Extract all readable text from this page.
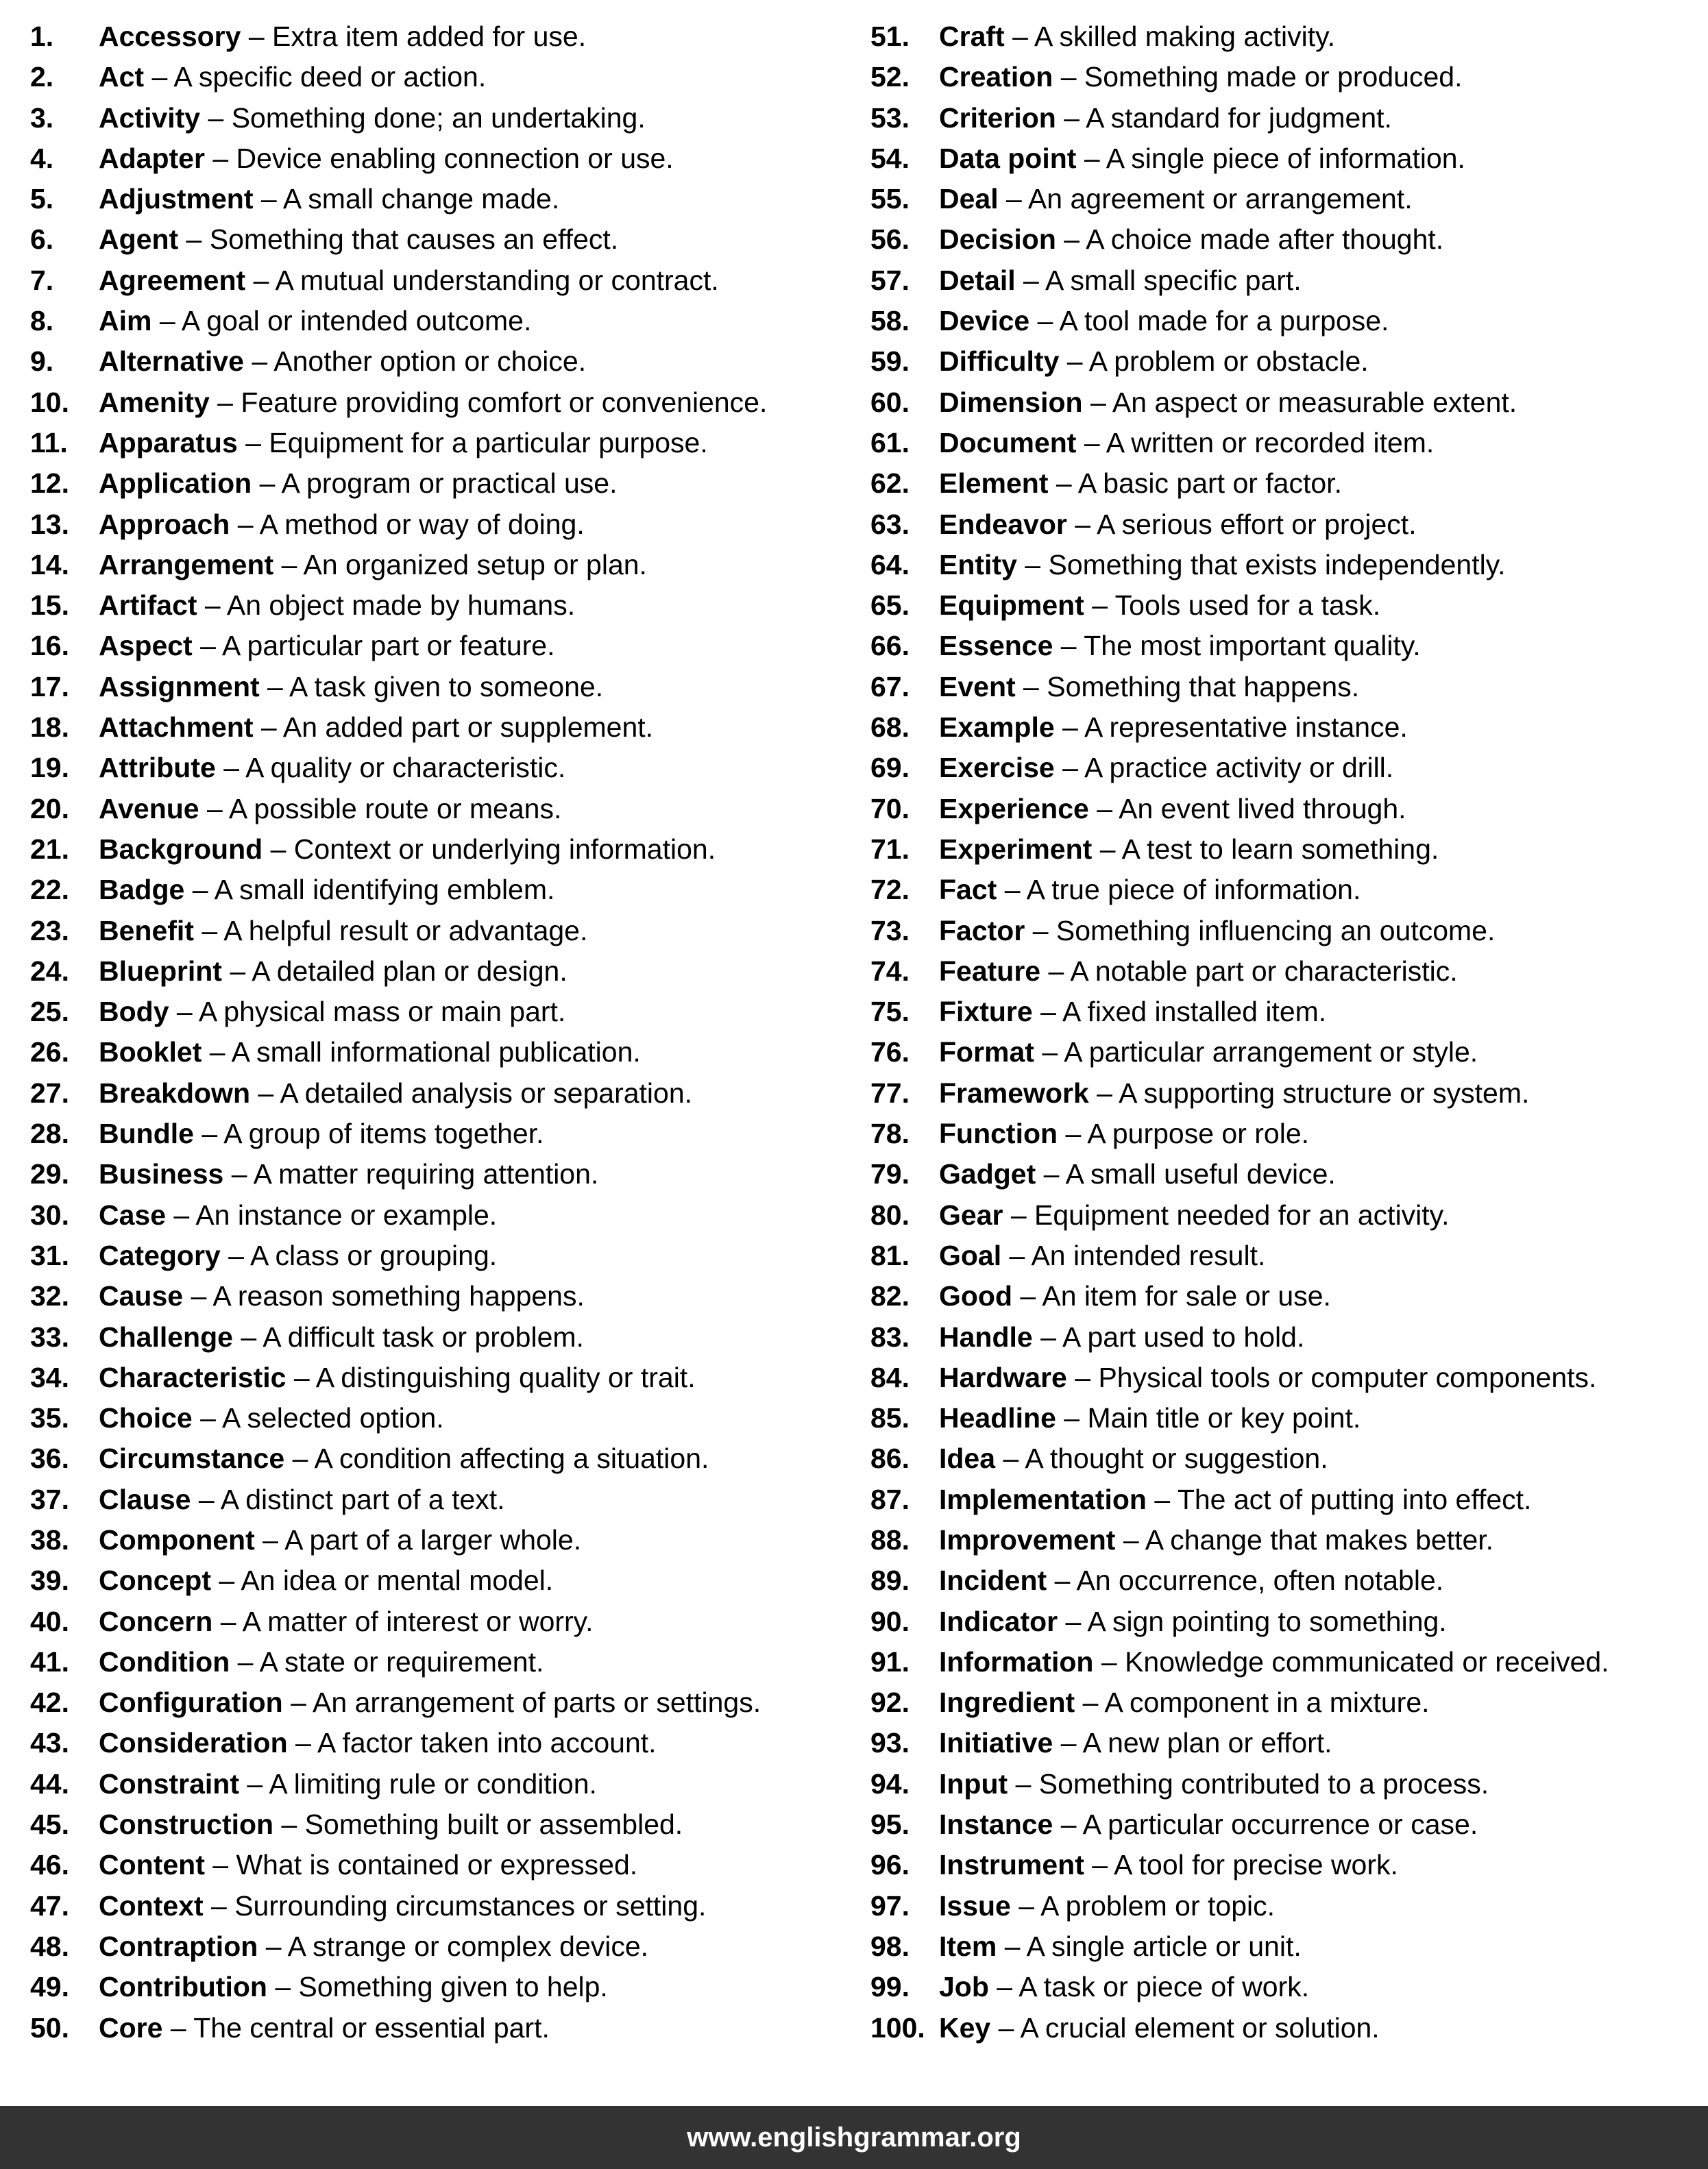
1.	Accessory – Extra item added for use.
2.	Act – A specific deed or action.
3.	Activity – Something done; an undertaking.
4.	Adapter – Device enabling connection or use.
5.	Adjustment – A small change made.
6.	Agent – Something that causes an effect.
7.	Agreement – A mutual understanding or contract.
8.	Aim – A goal or intended outcome.
9.	Alternative – Another option or choice.
10.	Amenity – Feature providing comfort or convenience.
11.	Apparatus – Equipment for a particular purpose.
12.	Application – A program or practical use.
13.	Approach – A method or way of doing.
14.	Arrangement – An organized setup or plan.
15.	Artifact – An object made by humans.
16.	Aspect – A particular part or feature.
17.	Assignment – A task given to someone.
18.	Attachment – An added part or supplement.
19.	Attribute – A quality or characteristic.
20.	Avenue – A possible route or means.
21.	Background – Context or underlying information.
22.	Badge – A small identifying emblem.
23.	Benefit – A helpful result or advantage.
24.	Blueprint – A detailed plan or design.
25.	Body – A physical mass or main part.
26.	Booklet – A small informational publication.
27.	Breakdown – A detailed analysis or separation.
28.	Bundle – A group of items together.
29.	Business – A matter requiring attention.
30.	Case – An instance or example.
31.	Category – A class or grouping.
32.	Cause – A reason something happens.
33.	Challenge – A difficult task or problem.
34.	Characteristic – A distinguishing quality or trait.
35.	Choice – A selected option.
36.	Circumstance – A condition affecting a situation.
37.	Clause – A distinct part of a text.
38.	Component – A part of a larger whole.
39.	Concept – An idea or mental model.
40.	Concern – A matter of interest or worry.
41.	Condition – A state or requirement.
42.	Configuration – An arrangement of parts or settings.
43.	Consideration – A factor taken into account.
44.	Constraint – A limiting rule or condition.
45.	Construction – Something built or assembled.
46.	Content – What is contained or expressed.
47.	Context – Surrounding circumstances or setting.
48.	Contraption – A strange or complex device.
49.	Contribution – Something given to help.
50.	Core – The central or essential part.
51.	Craft – A skilled making activity.
52.	Creation – Something made or produced.
53.	Criterion – A standard for judgment.
54.	Data point – A single piece of information.
55.	Deal – An agreement or arrangement.
56.	Decision – A choice made after thought.
57.	Detail – A small specific part.
58.	Device – A tool made for a purpose.
59.	Difficulty – A problem or obstacle.
60.	Dimension – An aspect or measurable extent.
61.	Document – A written or recorded item.
62.	Element – A basic part or factor.
63.	Endeavor – A serious effort or project.
64.	Entity – Something that exists independently.
65.	Equipment – Tools used for a task.
66.	Essence – The most important quality.
67.	Event – Something that happens.
68.	Example – A representative instance.
69.	Exercise – A practice activity or drill.
70.	Experience – An event lived through.
71.	Experiment – A test to learn something.
72.	Fact – A true piece of information.
73.	Factor – Something influencing an outcome.
74.	Feature – A notable part or characteristic.
75.	Fixture – A fixed installed item.
76.	Format – A particular arrangement or style.
77.	Framework – A supporting structure or system.
78.	Function – A purpose or role.
79.	Gadget – A small useful device.
80.	Gear – Equipment needed for an activity.
81.	Goal – An intended result.
82.	Good – An item for sale or use.
83.	Handle – A part used to hold.
84.	Hardware – Physical tools or computer components.
85.	Headline – Main title or key point.
86.	Idea – A thought or suggestion.
87.	Implementation – The act of putting into effect.
88.	Improvement – A change that makes better.
89.	Incident – An occurrence, often notable.
90.	Indicator – A sign pointing to something.
91.	Information – Knowledge communicated or received.
92.	Ingredient – A component in a mixture.
93.	Initiative – A new plan or effort.
94.	Input – Something contributed to a process.
95.	Instance – A particular occurrence or case.
96.	Instrument – A tool for precise work.
97.	Issue – A problem or topic.
98.	Item – A single article or unit.
99.	Job – A task or piece of work.
100. Key – A crucial element or solution.
www.englishgrammar.org
